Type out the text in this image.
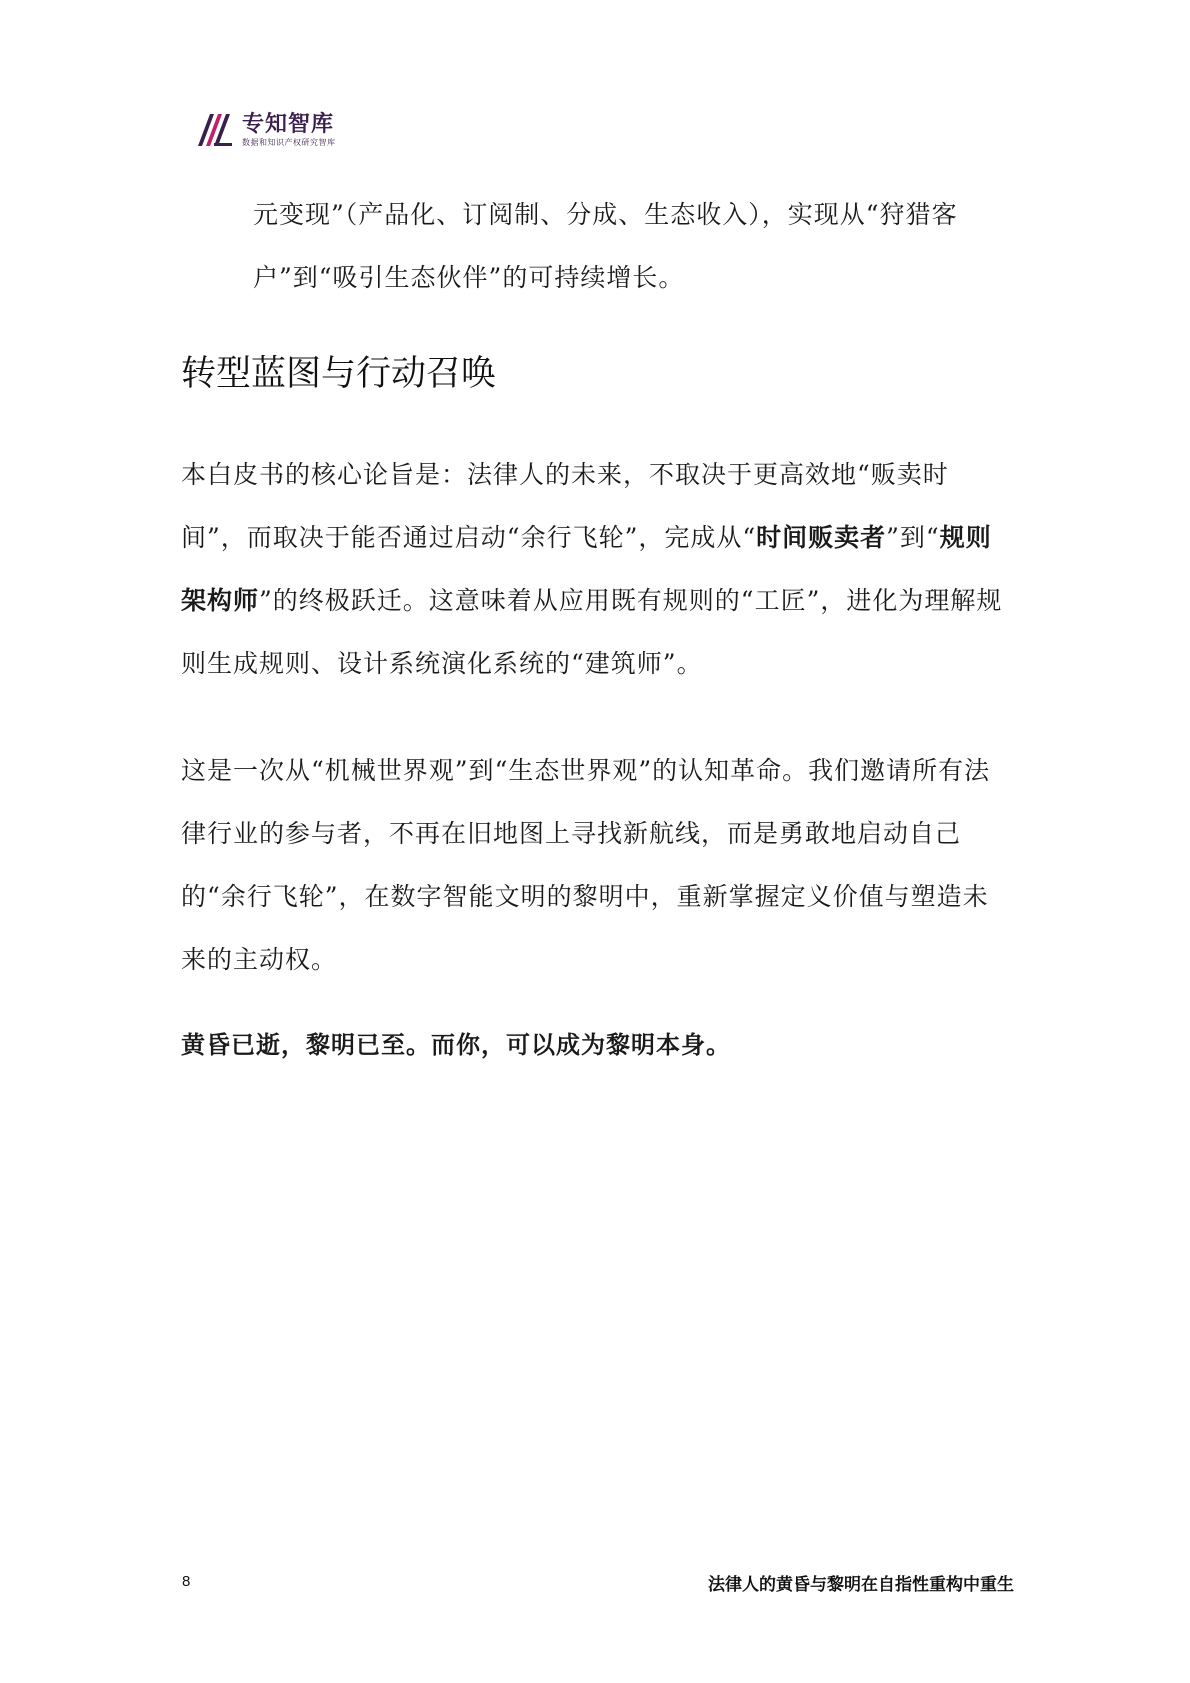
专知智库
数据和知识产权研究智库

元变现”（产品化、订阅制、分成、生态收入），实现从“狩猎客户”到“吸引生态伙伴”的可持续增长。

转型蓝图与行动召唤

本白皮书的核心论旨是：法律人的未来，不取决于更高效地“贩卖时间”，而取决于能否通过启动“余行飞轮”，完成从“时间贩卖者”到“规则架构师”的终极跃迁。这意味着从应用既有规则的“工匠”，进化为理解规则生成规则、设计系统演化系统的“建筑师”。

这是一次从“机械世界观”到“生态世界观”的认知革命。我们邀请所有法律行业的参与者，不再在旧地图上寻找新航线，而是勇敢地启动自己的“余行飞轮”，在数字智能文明的黎明中，重新掌握定义价值与塑造未来的主动权。

黄昏已逝，黎明已至。而你，可以成为黎明本身。

8	法律人的黄昏与黎明在自指性重构中重生
